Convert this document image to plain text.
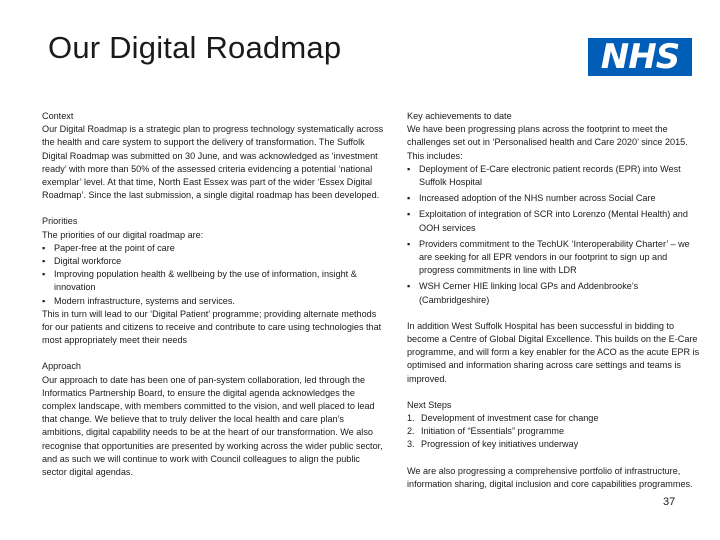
Our Digital Roadmap	NHS

Context

Our Digital Roadmap is a strategic plan to progress technology systematically across the health and care system to support the delivery of transformation. The Suffolk Digital Roadmap was submitted on 30 June, and was acknowledged as ‘investment ready’ with more than 50% of the assessed criteria evidencing a potential ‘national exemplar’ level. At that time, North East Essex was part of the wider ‘Essex Digital Roadmap’. Since the last submission, a single digital roadmap has been developed.

Priorities

The priorities of our digital roadmap are:

▪ Paper-free at the point of care
▪ Digital workforce
▪ Improving population health & wellbeing by the use of information, insight & innovation
▪ Modern infrastructure, systems and services.

This in turn will lead to our ‘Digital Patient’ programme; providing alternate methods for our patients and citizens to receive and contribute to care using technologies that most appropriately meet their needs

Approach

Our approach to date has been one of pan-system collaboration, led through the Informatics Partnership Board, to ensure the digital agenda acknowledges the complex landscape, with members committed to the vision, and well placed to lead that change. We believe that to truly deliver the local health and care plan’s ambitions, digital capability needs to be at the heart of our transformation. We also recognise that opportunities are presented by working across the wider public sector, and as such we will continue to work with Council colleagues to align the public sector digital agendas.

Key achievements to date

We have been progressing plans across the footprint to meet the challenges set out in ‘Personalised health and Care 2020’ since 2015. This includes:

▪ Deployment of E-Care electronic patient records (EPR) into West Suffolk Hospital
▪ Increased adoption of the NHS number across Social Care
▪ Exploitation of integration of SCR into Lorenzo (Mental Health) and OOH services
▪ Providers commitment to the TechUK ‘Interoperability Charter’ – we are seeking for all EPR vendors in our footprint to sign up and progress commitments in line with LDR
▪ WSH Cerner HIE linking local GPs and Addenbrooke’s (Cambridgeshire)

In addition West Suffolk Hospital has been successful in bidding to become a Centre of Global Digital Excellence. This builds on the E-Care programme, and will form a key enabler for the ACO as the acute EPR is optimised and information sharing across care settings and teams is improved.

Next Steps

1. Development of investment case for change
2. Initiation of “Essentials” programme
3. Progression of key initiatives underway

We are also progressing a comprehensive portfolio of infrastructure, information sharing, digital inclusion and core capabilities programmes.

37
